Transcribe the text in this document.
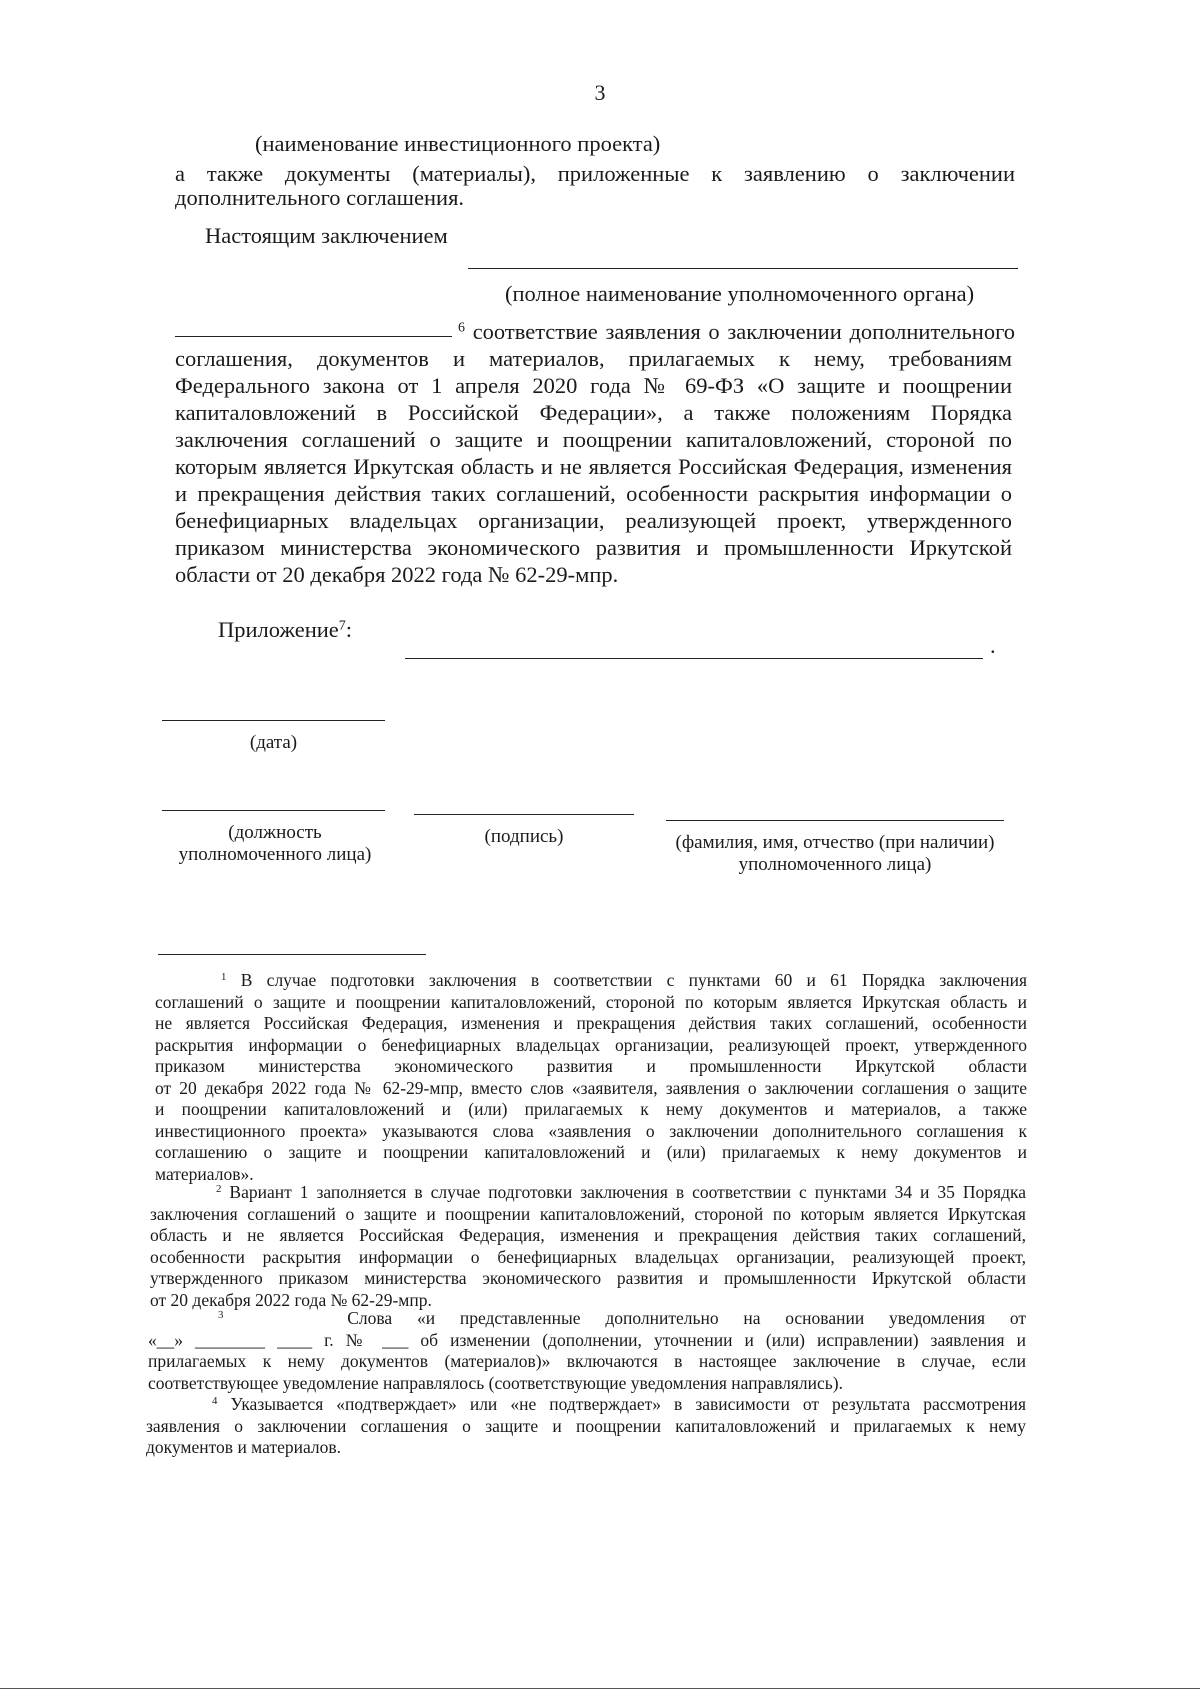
3
(наименование инвестиционного проекта)
а также документы (материалы), приложенные к заявлению о заключении
дополнительного соглашения.
Настоящим заключением
(полное наименование уполномоченного органа)
$^6$ соответствие заявления о заключении дополнительного
соглашения, документов и материалов, прилагаемых к нему, требованиям
Федерального закона от 1 апреля 2020 года № 69-ФЗ «О защите и поощрении
капиталовложений в Российской Федерации», а также положениям Порядка
заключения соглашений о защите и поощрении капиталовложений, стороной по
которым является Иркутская область и не является Российская Федерация, изменения
и прекращения действия таких соглашений, особенности раскрытия информации о
бенефициарных владельцах организации, реализующей проект, утвержденного
приказом министерства экономического развития и промышленности Иркутской
области от 20 декабря 2022 года № 62-29-мпр.
Приложение$^7$:
.
(дата)
(должность
уполномоченного лица)
(подпись)	(фамилия, имя, отчество (при наличии)
уполномоченного лица)
$^1$ В случае подготовки заключения в соответствии с пунктами 60 и 61 Порядка заключения
соглашений о защите и поощрении капиталовложений, стороной по которым является Иркутская область и
не является Российская Федерация, изменения и прекращения действия таких соглашений, особенности
раскрытия информации о бенефициарных владельцах организации, реализующей проект, утвержденного
приказом министерства экономического развития и промышленности Иркутской области
от 20 декабря 2022 года № 62-29-мпр, вместо слов «заявителя, заявления о заключении соглашения о защите
и поощрении капиталовложений и (или) прилагаемых к нему документов и материалов, а также
инвестиционного проекта» указываются слова «заявления о заключении дополнительного соглашения к
соглашению о защите и поощрении капиталовложений и (или) прилагаемых к нему документов и
материалов».
$^2$ Вариант 1 заполняется в случае подготовки заключения в соответствии с пунктами 34 и 35 Порядка
заключения соглашений о защите и поощрении капиталовложений, стороной по которым является Иркутская
область и не является Российская Федерация, изменения и прекращения действия таких соглашений,
особенности раскрытия информации о бенефициарных владельцах организации, реализующей проект,
утвержденного приказом министерства экономического развития и промышленности Иркутской области
от 20 декабря 2022 года № 62-29-мпр.
$^3$	Слова «и представленные дополнительно на основании уведомления от
«__» ________ ____ г. № ___ об изменении (дополнении, уточнении и (или) исправлении) заявления и
прилагаемых к нему документов (материалов)» включаются в настоящее заключение в случае, если
соответствующее уведомление направлялось (соответствующие уведомления направлялись).
$^4$ Указывается «подтверждает» или «не подтверждает» в зависимости от результата рассмотрения
заявления о заключении соглашения о защите и поощрении капиталовложений и прилагаемых к нему
документов и материалов.
